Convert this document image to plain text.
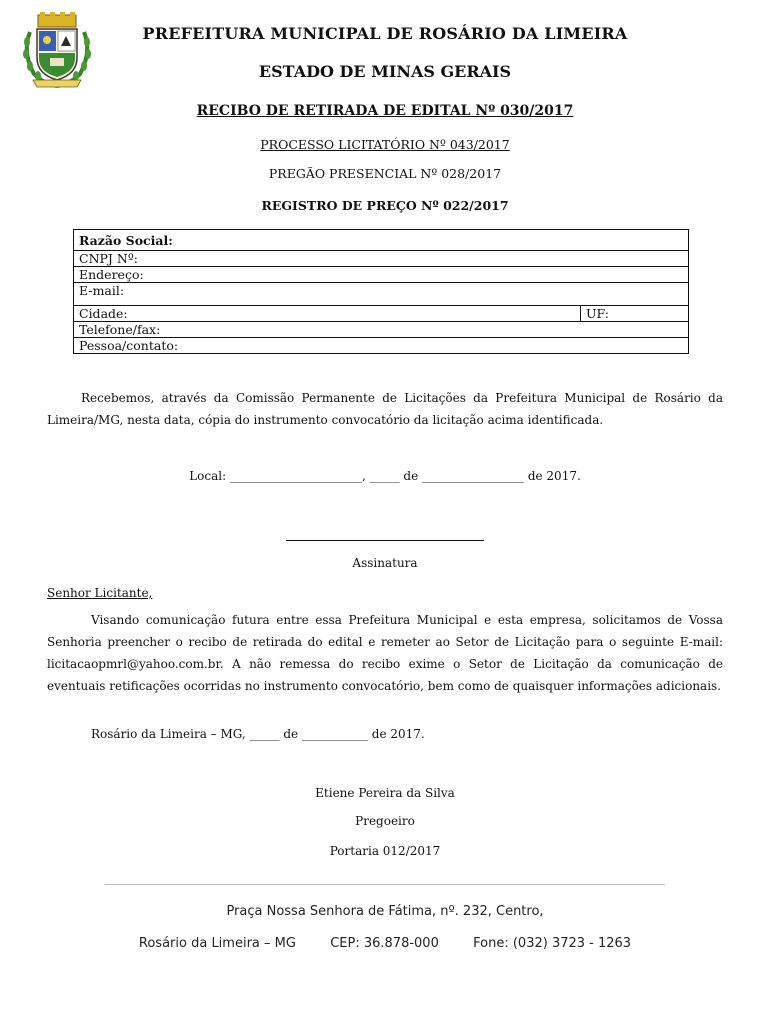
PREFEITURA MUNICIPAL DE ROSÁRIO DA LIMEIRA
ESTADO DE MINAS GERAIS
RECIBO DE RETIRADA DE EDITAL Nº 030/2017
PROCESSO LICITATÓRIO Nº 043/2017
PREGÃO PRESENCIAL Nº 028/2017
REGISTRO DE PREÇO Nº 022/2017
Razão Social:
CNPJ Nº:
Endereço:
E-mail:
Cidade:	UF:
Telefone/fax:
Pessoa/contato:
Recebemos, através da Comissão Permanente de Licitações da Prefeitura Municipal de Rosário da Limeira/MG, nesta data, cópia do instrumento convocatório da licitação acima identificada.
Local: ______________________, _____ de _________________ de 2017.
Assinatura
Senhor Licitante,
Visando comunicação futura entre essa Prefeitura Municipal e esta empresa, solicitamos de Vossa Senhoria preencher o recibo de retirada do edital e remeter ao Setor de Licitação para o seguinte E-mail: licitacaopmrl@yahoo.com.br. A não remessa do recibo exime o Setor de Licitação da comunicação de eventuais retificações ocorridas no instrumento convocatório, bem como de quaisquer informações adicionais.
Rosário da Limeira – MG, _____ de ___________ de 2017.
Etiene Pereira da Silva
Pregoeiro
Portaria 012/2017
Praça Nossa Senhora de Fátima, nº. 232, Centro,
Rosário da Limeira – MG	CEP: 36.878-000	Fone: (032) 3723 - 1263
